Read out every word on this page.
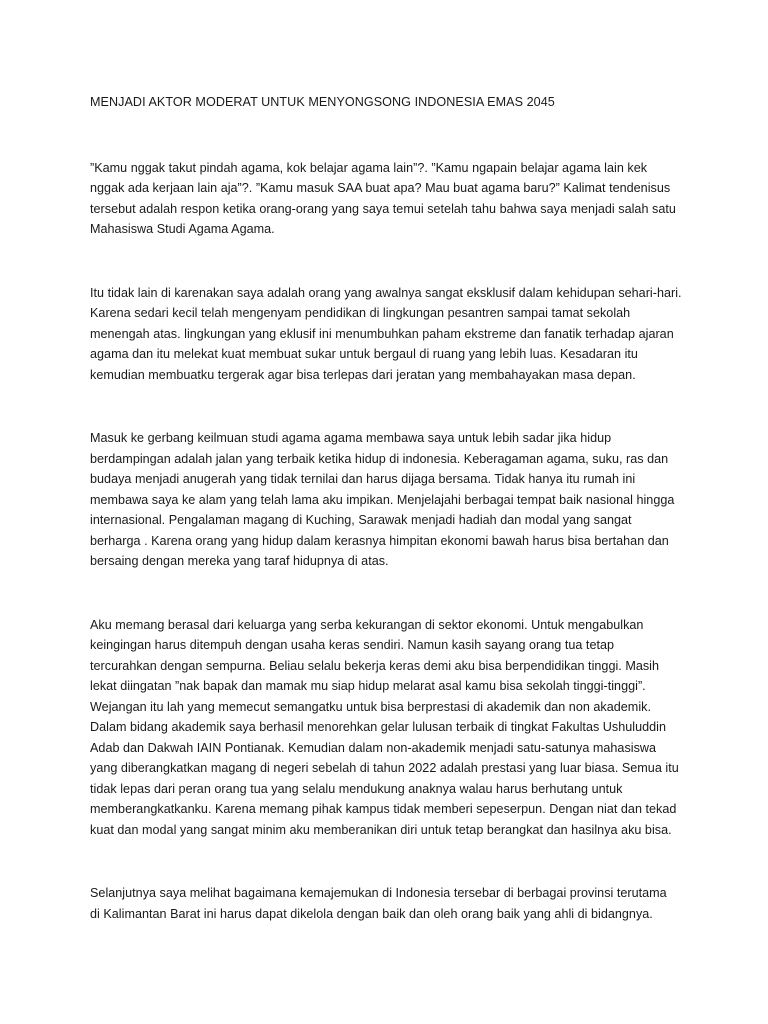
MENJADI AKTOR MODERAT UNTUK MENYONGSONG INDONESIA EMAS 2045
”Kamu nggak takut pindah agama, kok belajar agama lain”?. ”Kamu ngapain belajar agama lain kek
nggak ada kerjaan lain aja”?. ”Kamu masuk SAA buat apa? Mau buat agama baru?” Kalimat tendenisus
tersebut adalah respon ketika orang-orang yang saya temui setelah tahu bahwa saya menjadi salah satu
Mahasiswa Studi Agama Agama.
Itu tidak lain di karenakan saya adalah orang yang awalnya sangat eksklusif dalam kehidupan sehari-hari.
Karena sedari kecil telah mengenyam pendidikan di lingkungan pesantren sampai tamat sekolah
menengah atas. lingkungan yang eklusif ini menumbuhkan paham ekstreme dan fanatik terhadap ajaran
agama dan itu melekat kuat membuat sukar untuk bergaul di ruang yang lebih luas. Kesadaran itu
kemudian membuatku tergerak agar bisa terlepas dari jeratan yang membahayakan masa depan.
Masuk ke gerbang keilmuan studi agama agama membawa saya untuk lebih sadar jika hidup
berdampingan adalah jalan yang terbaik ketika hidup di indonesia. Keberagaman agama, suku, ras dan
budaya menjadi anugerah yang tidak ternilai dan harus dijaga bersama. Tidak hanya itu rumah ini
membawa saya ke alam yang telah lama aku impikan. Menjelajahi berbagai tempat baik nasional hingga
internasional. Pengalaman magang di Kuching, Sarawak menjadi hadiah dan modal yang sangat
berharga . Karena orang yang hidup dalam kerasnya himpitan ekonomi bawah harus bisa bertahan dan
bersaing dengan mereka yang taraf hidupnya di atas.
Aku memang berasal dari keluarga yang serba kekurangan di sektor ekonomi. Untuk mengabulkan
keingingan harus ditempuh dengan usaha keras sendiri. Namun kasih sayang orang tua tetap
tercurahkan dengan sempurna. Beliau selalu bekerja keras demi aku bisa berpendidikan tinggi. Masih
lekat diingatan ”nak bapak dan mamak mu siap hidup melarat asal kamu bisa sekolah tinggi-tinggi”.
Wejangan itu lah yang memecut semangatku untuk bisa berprestasi di akademik dan non akademik.
Dalam bidang akademik saya berhasil menorehkan gelar lulusan terbaik di tingkat Fakultas Ushuluddin
Adab dan Dakwah IAIN Pontianak. Kemudian dalam non-akademik menjadi satu-satunya mahasiswa
yang diberangkatkan magang di negeri sebelah di tahun 2022 adalah prestasi yang luar biasa. Semua itu
tidak lepas dari peran orang tua yang selalu mendukung anaknya walau harus berhutang untuk
memberangkatkanku. Karena memang pihak kampus tidak memberi sepeserpun. Dengan niat dan tekad
kuat dan modal yang sangat minim aku memberanikan diri untuk tetap berangkat dan hasilnya aku bisa.
Selanjutnya saya melihat bagaimana kemajemukan di Indonesia tersebar di berbagai provinsi terutama
di Kalimantan Barat ini harus dapat dikelola dengan baik dan oleh orang baik yang ahli di bidangnya.
